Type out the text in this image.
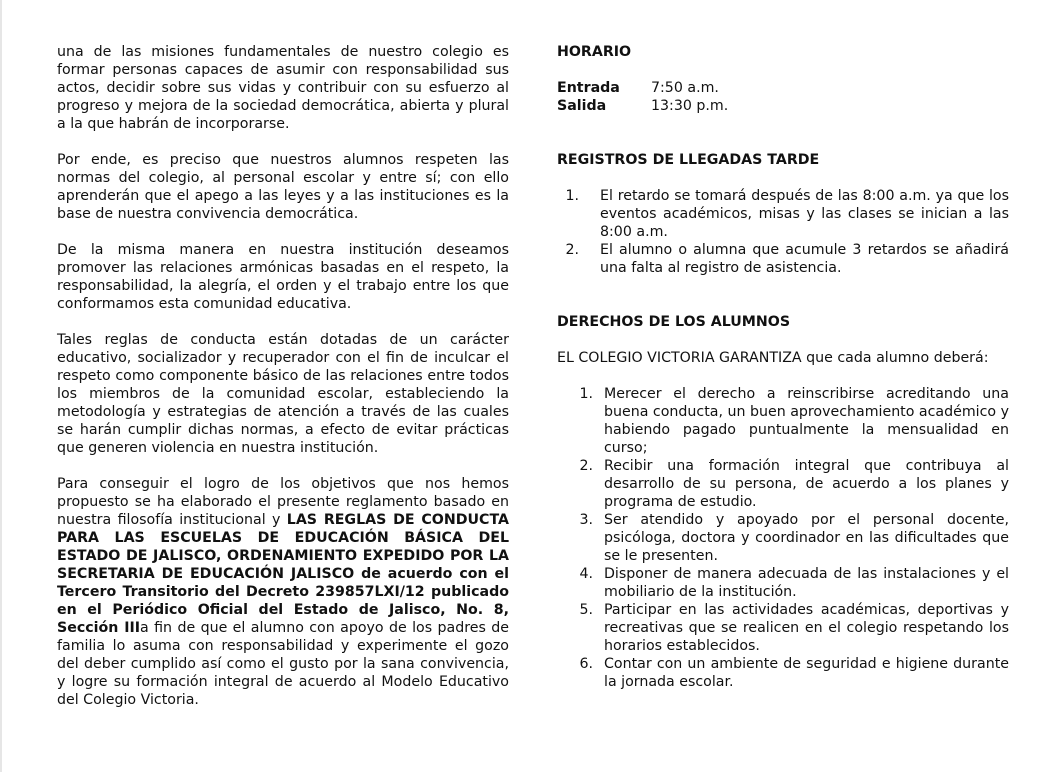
una de las misiones fundamentales de nuestro colegio es formar personas capaces de asumir con responsabilidad sus actos, decidir sobre sus vidas y contribuir con su esfuerzo al progreso y mejora de la sociedad democrática, abierta y plural a la que habrán de incorporarse.

Por ende, es preciso que nuestros alumnos respeten las normas del colegio, al personal escolar y entre sí; con ello aprenderán que el apego a las leyes y a las instituciones es la base de nuestra convivencia democrática.

De la misma manera en nuestra institución deseamos promover las relaciones armónicas basadas en el respeto, la responsabilidad, la alegría, el orden y el trabajo entre los que conformamos esta comunidad educativa.

Tales reglas de conducta están dotadas de un carácter educativo, socializador y recuperador con el fin de inculcar el respeto como componente básico de las relaciones entre todos los miembros de la comunidad escolar, estableciendo la metodología y estrategias de atención a través de las cuales se harán cumplir dichas normas, a efecto de evitar prácticas que generen violencia en nuestra institución.

Para conseguir el logro de los objetivos que nos hemos propuesto se ha elaborado el presente reglamento basado en nuestra filosofía institucional y LAS REGLAS DE CONDUCTA PARA LAS ESCUELAS DE EDUCACIÓN BÁSICA DEL ESTADO DE JALISCO, ORDENAMIENTO EXPEDIDO POR LA SECRETARIA DE EDUCACIÓN JALISCO de acuerdo con el Tercero Transitorio del Decreto 239857LXI/12 publicado en el Periódico Oficial del Estado de Jalisco, No. 8, Sección IIIa fin de que el alumno con apoyo de los padres de familia lo asuma con responsabilidad y experimente el gozo del deber cumplido así como el gusto por la sana convivencia, y logre su formación integral de acuerdo al Modelo Educativo del Colegio Victoria.

HORARIO
Entrada	7:50 a.m.
Salida	13:30 p.m.
REGISTROS DE LLEGADAS TARDE
1.	El retardo se tomará después de las 8:00 a.m. ya que los eventos académicos, misas y las clases se inician a las 8:00 a.m.
2.	El alumno o alumna que acumule 3 retardos se añadirá una falta al registro de asistencia.
DERECHOS DE LOS ALUMNOS

EL COLEGIO VICTORIA GARANTIZA que cada alumno deberá:

1. Merecer el derecho a reinscribirse acreditando una buena conducta, un buen aprovechamiento académico y habiendo pagado puntualmente la mensualidad en curso;
2. Recibir una formación integral que contribuya al desarrollo de su persona, de acuerdo a los planes y programa de estudio.
3. Ser atendido y apoyado por el personal docente, psicóloga, doctora y coordinador en las dificultades que se le presenten.
4. Disponer de manera adecuada de las instalaciones y el mobiliario de la institución.
5. Participar en las actividades académicas, deportivas y recreativas que se realicen en el colegio respetando los horarios establecidos.
6. Contar con un ambiente de seguridad e higiene durante la jornada escolar.
